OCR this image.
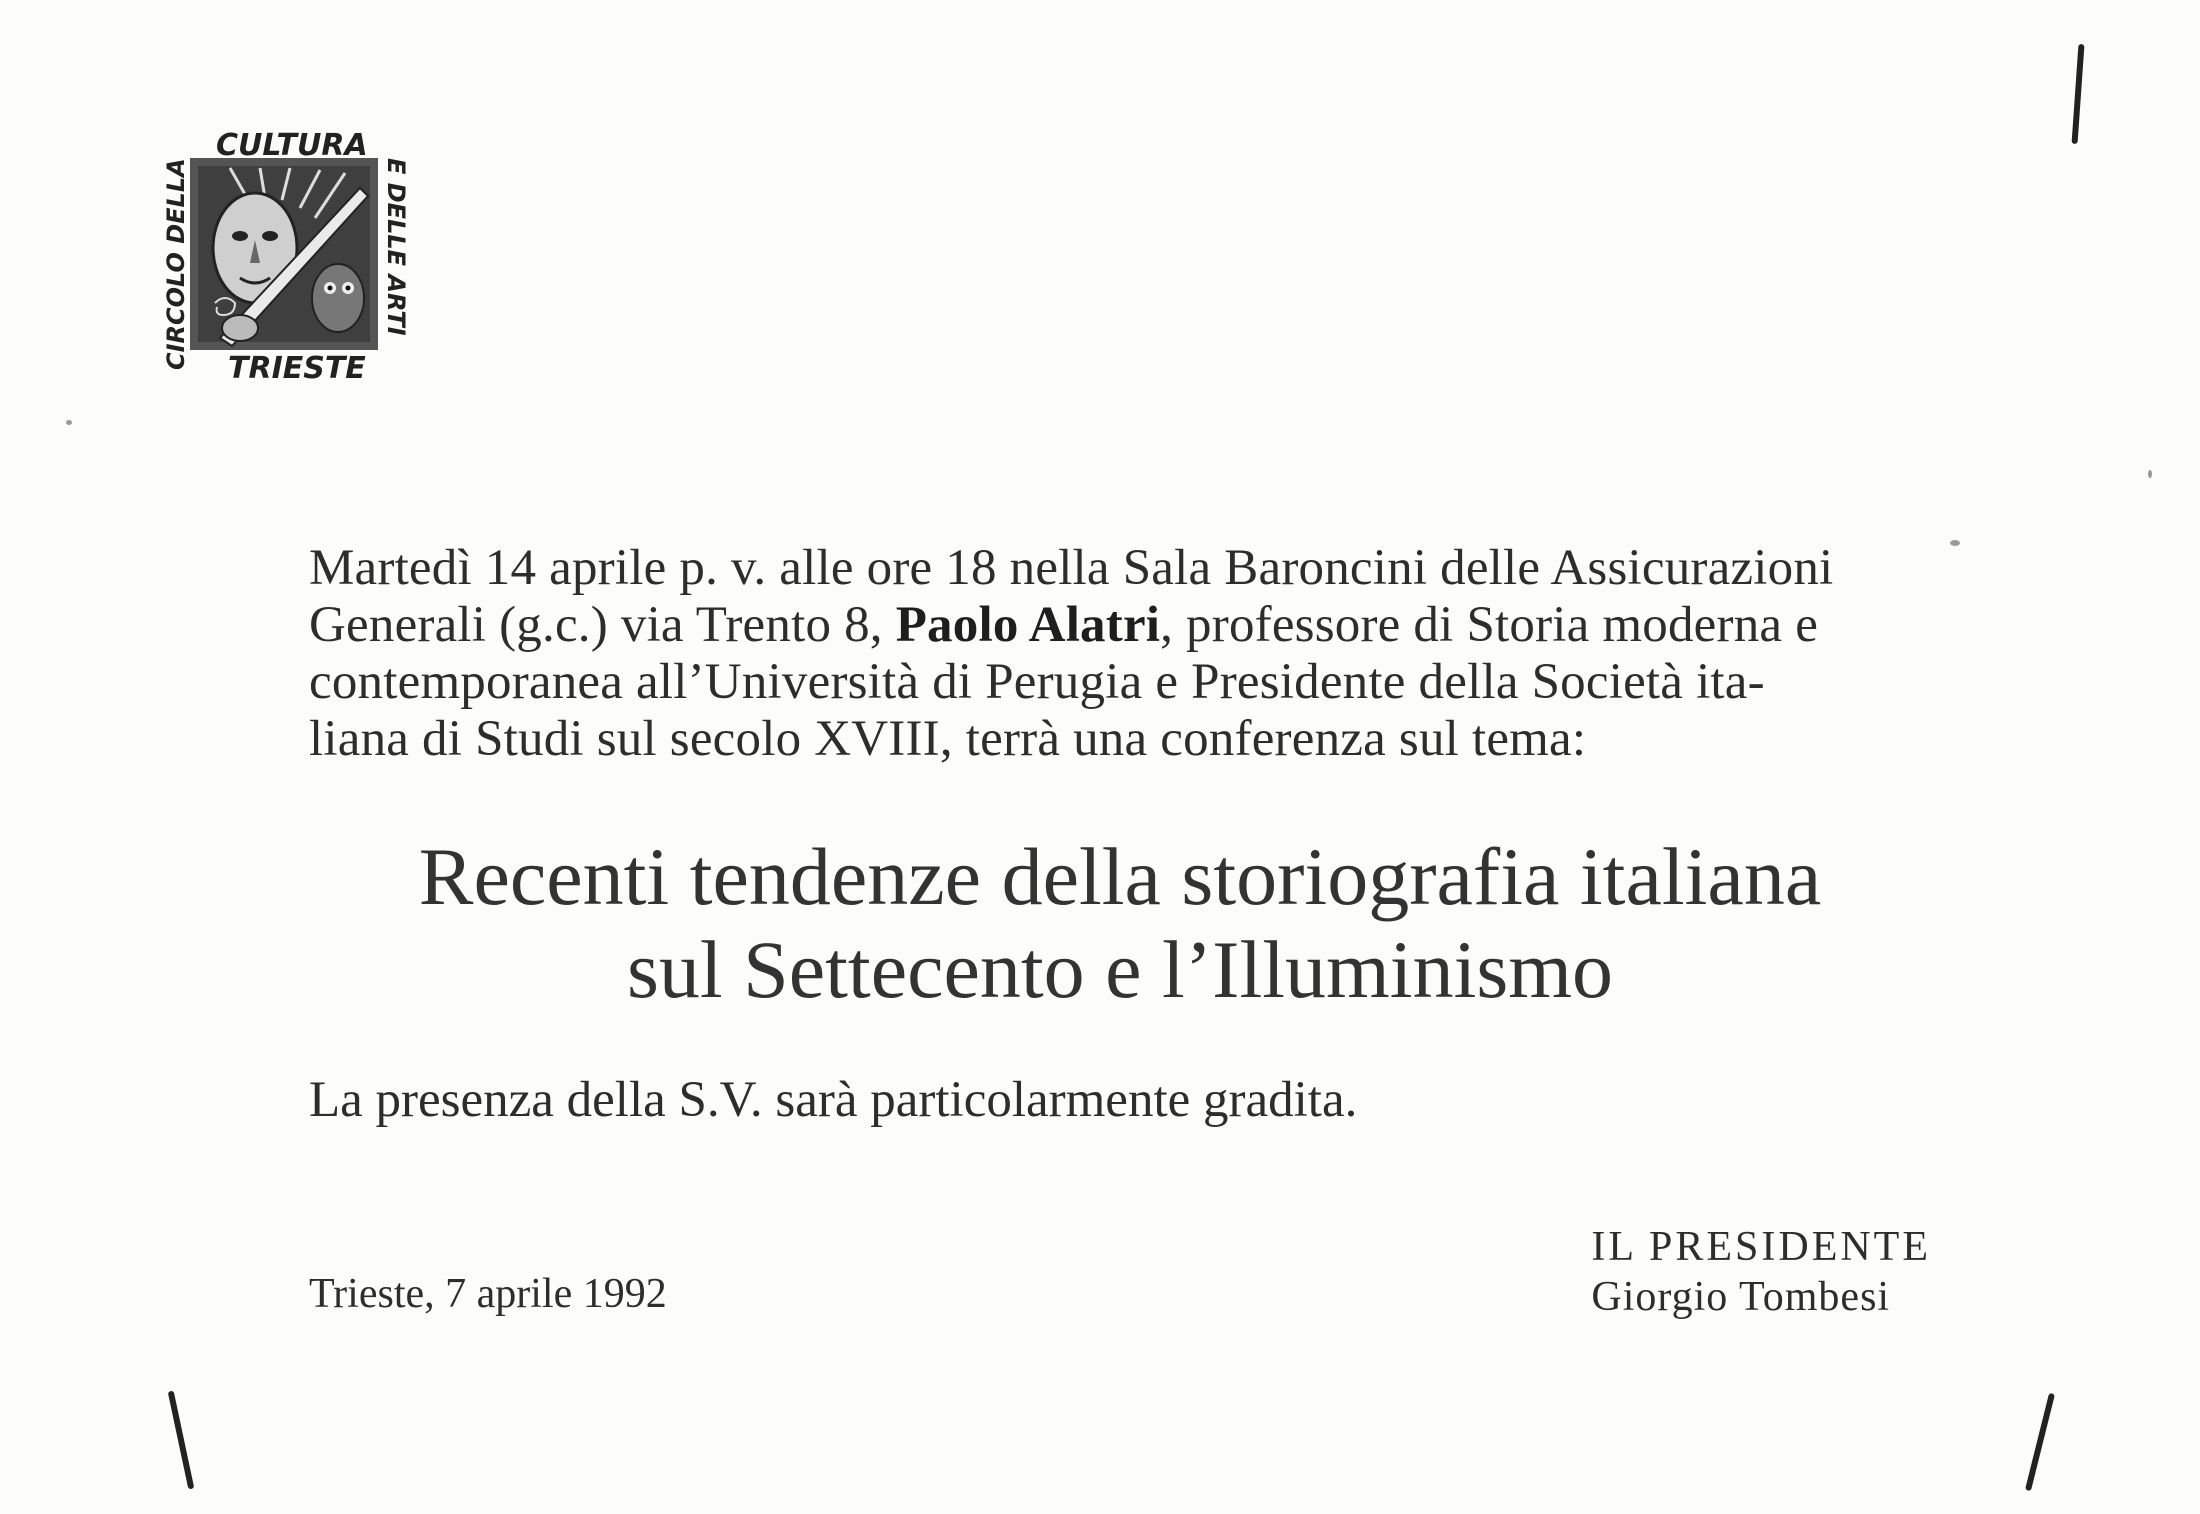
CULTURA
TRIESTE
CIRCOLO DELLA	E DELLE ARTI
Martedì 14 aprile p. v. alle ore 18 nella Sala Baroncini delle Assicurazioni
Generali (g.c.) via Trento 8, Paolo Alatri, professore di Storia moderna e
contemporanea all’Università di Perugia e Presidente della Società ita-
liana di Studi sul secolo XVIII, terrà una conferenza sul tema:
Recenti tendenze della storiografia italiana
sul Settecento e l’Illuminismo
La presenza della S.V. sarà particolarmente gradita.
Trieste, 7 aprile 1992
IL PRESIDENTE
Giorgio Tombesi
